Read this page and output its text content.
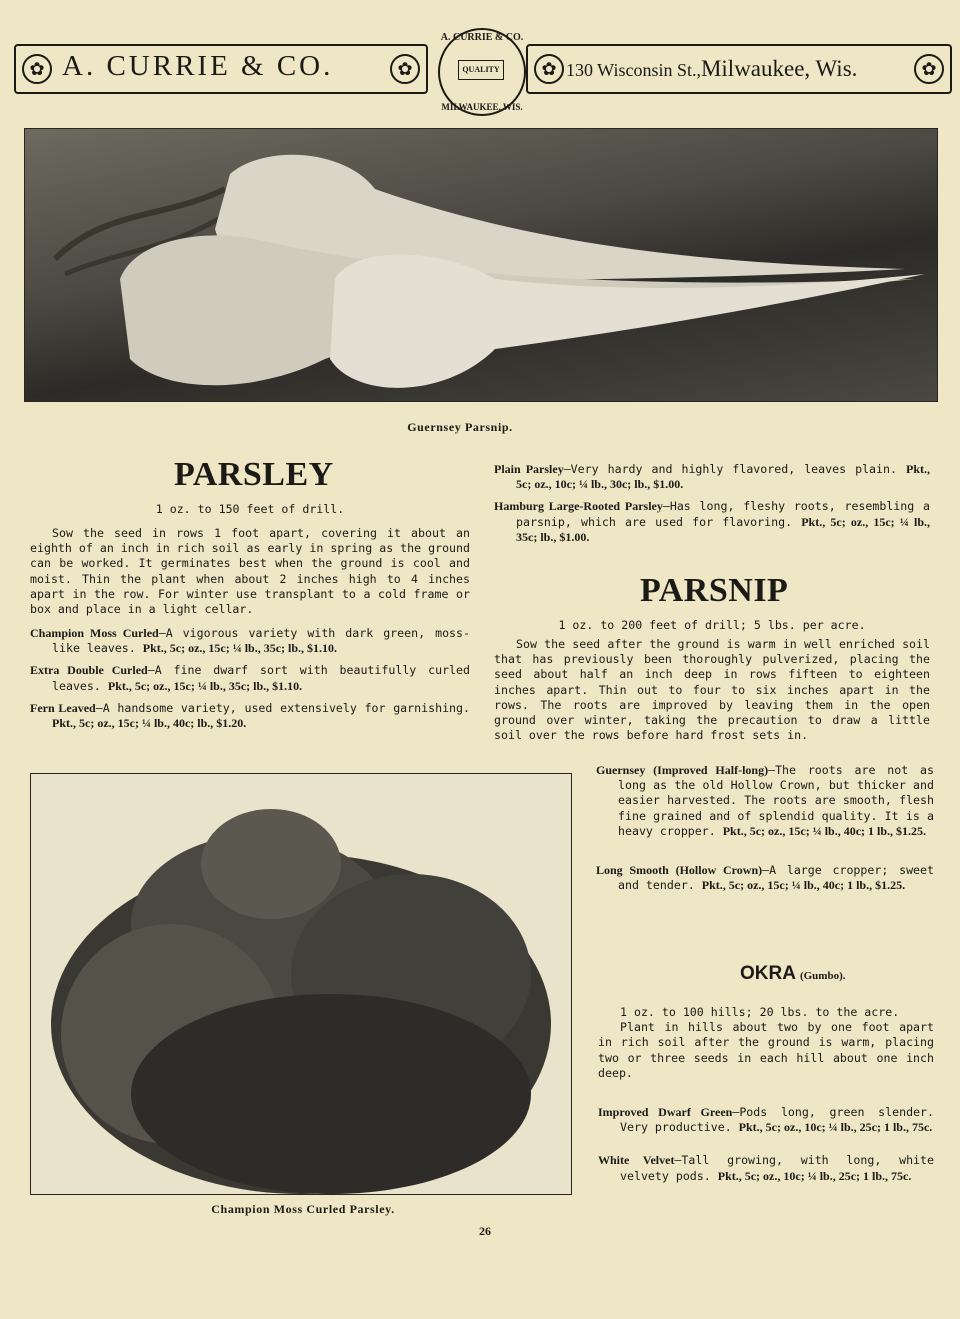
✿ A. CURRIE & CO.	✿
A. CURRIE & CO.
QUALITY
MILWAUKEE, WIS.
✿ 130 Wisconsin St.,Milwaukee, Wis.	✿
Guernsey Parsnip.
PARSLEY
1 oz. to 150 feet of drill.

Sow the seed in rows 1 foot apart, covering it about an eighth of an inch in rich soil as early in spring as the ground can be worked. It germinates best when the ground is cool and moist. Thin the plant when about 2 inches high to 4 inches apart in the row. For winter use transplant to a cold frame or box and place in a light cellar.

Champion Moss Curled—A vigorous variety with dark green, moss-like leaves. Pkt., 5c; oz., 15c; ¼ lb., 35c; lb., $1.10.

Extra Double Curled—A fine dwarf sort with beautifully curled leaves. Pkt., 5c; oz., 15c; ¼ lb., 35c; lb., $1.10.

Fern Leaved—A handsome variety, used extensively for garnishing. Pkt., 5c; oz., 15c; ¼ lb., 40c; lb., $1.20.

Plain Parsley—Very hardy and highly flavored, leaves plain. Pkt., 5c; oz., 10c; ¼ lb., 30c; lb., $1.00.

Hamburg Large-Rooted Parsley—Has long, fleshy roots, resembling a parsnip, which are used for flavoring. Pkt., 5c; oz., 15c; ¼ lb., 35c; lb., $1.00.

PARSNIP
1 oz. to 200 feet of drill; 5 lbs. per acre.

Sow the seed after the ground is warm in well enriched soil that has previously been thoroughly pulverized, placing the seed about half an inch deep in rows fifteen to eighteen inches apart. Thin out to four to six inches apart in the rows. The roots are improved by leaving them in the open ground over winter, taking the precaution to draw a little soil over the rows before hard frost sets in.

Champion Moss Curled Parsley.

Guernsey (Improved Half-long)—The roots are not as long as the old Hollow Crown, but thicker and easier harvested. The roots are smooth, flesh fine grained and of splendid quality. It is a heavy cropper. Pkt., 5c; oz., 15c; ¼ lb., 40c; 1 lb., $1.25.

Long Smooth (Hollow Crown)—A large cropper; sweet and tender. Pkt., 5c; oz., 15c; ¼ lb., 40c; 1 lb., $1.25.

OKRA (Gumbo).

1 oz. to 100 hills; 20 lbs. to the acre.

Plant in hills about two by one foot apart in rich soil after the ground is warm, placing two or three seeds in each hill about one inch deep.

Improved Dwarf Green—Pods long, green slender. Very productive. Pkt., 5c; oz., 10c; ¼ lb., 25c; 1 lb., 75c.

White Velvet—Tall growing, with long, white velvety pods. Pkt., 5c; oz., 10c; ¼ lb., 25c; 1 lb., 75c.

26
